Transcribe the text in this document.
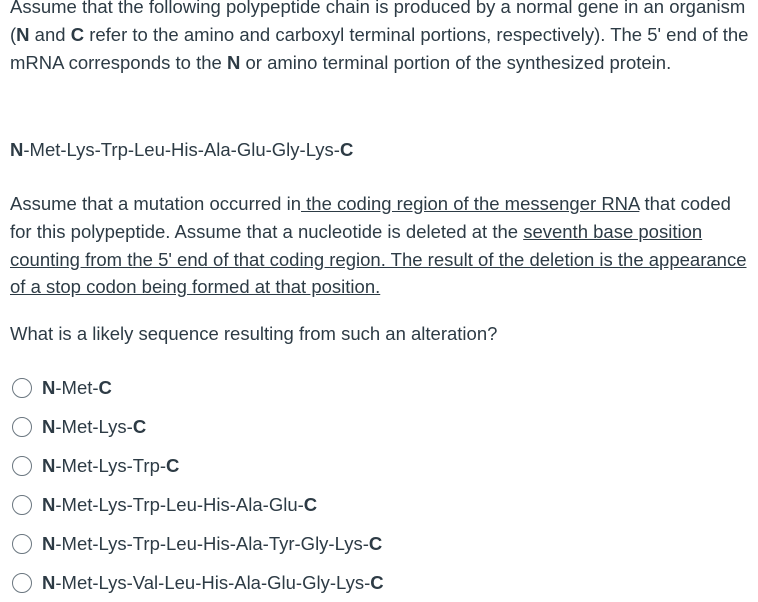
Assume that the following polypeptide chain is produced by a normal gene in an organism (N and C refer to the amino and carboxyl terminal portions, respectively). The 5' end of the mRNA corresponds to the N or amino terminal portion of the synthesized protein.

N-Met-Lys-Trp-Leu-His-Ala-Glu-Gly-Lys-C

Assume that a mutation occurred in the coding region of the messenger RNA that coded for this polypeptide. Assume that a nucleotide is deleted at the seventh base position counting from the 5' end of that coding region. The result of the deletion is the appearance of a stop codon being formed at that position.

What is a likely sequence resulting from such an alteration?

N-Met-C
N-Met-Lys-C
N-Met-Lys-Trp-C
N-Met-Lys-Trp-Leu-His-Ala-Glu-C
N-Met-Lys-Trp-Leu-His-Ala-Tyr-Gly-Lys-C
N-Met-Lys-Val-Leu-His-Ala-Glu-Gly-Lys-C
